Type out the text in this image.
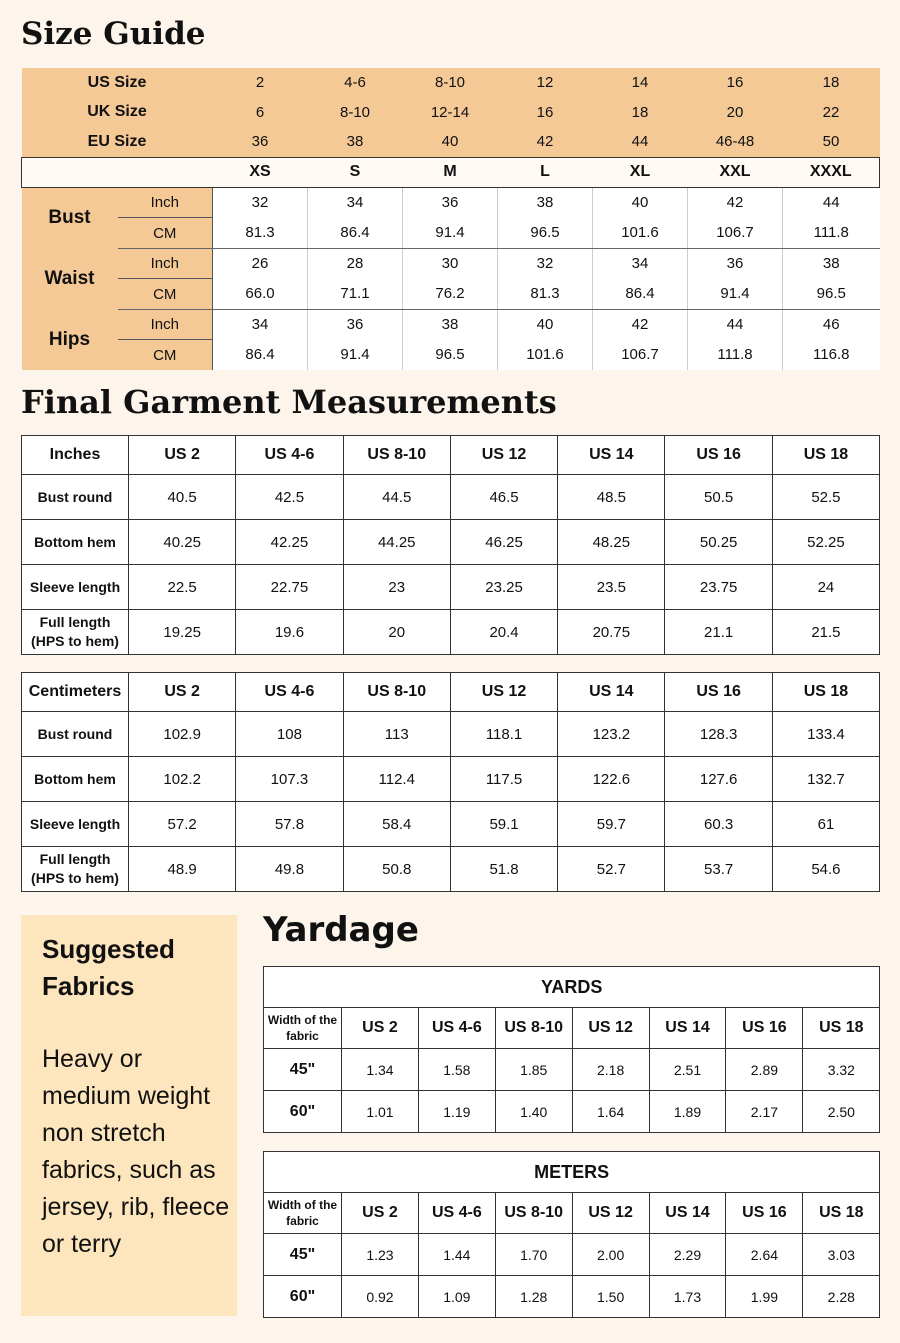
Size Guide
US Size		2	4-6	8-10	12	14	16	18
UK Size		6	8-10	12-14	16	18	20	22
EU Size		36	38	40	42	44	46-48	50
		XS	S	M	L	XL	XXL	XXXL
Bust	Inch	32	34	36	38	40	42	44
	CM	81.3	86.4	91.4	96.5	101.6	106.7	111.8
Waist	Inch	26	28	30	32	34	36	38
	CM	66.0	71.1	76.2	81.3	86.4	91.4	96.5
Hips	Inch	34	36	38	40	42	44	46
	CM	86.4	91.4	96.5	101.6	106.7	111.8	116.8
Final Garment Measurements
Inches	US 2	US 4-6	US 8-10	US 12	US 14	US 16	US 18
Bust round	40.5	42.5	44.5	46.5	48.5	50.5	52.5
Bottom hem	40.25	42.25	44.25	46.25	48.25	50.25	52.25
Sleeve length	22.5	22.75	23	23.25	23.5	23.75	24
Full length
(HPS to hem)	19.25	19.6	20	20.4	20.75	21.1	21.5
Centimeters	US 2	US 4-6	US 8-10	US 12	US 14	US 16	US 18
Bust round	102.9	108	113	118.1	123.2	128.3	133.4
Bottom hem	102.2	107.3	112.4	117.5	122.6	127.6	132.7
Sleeve length	57.2	57.8	58.4	59.1	59.7	60.3	61
Full length
(HPS to hem)	48.9	49.8	50.8	51.8	52.7	53.7	54.6

Suggested
Fabrics

Heavy or medium weight non stretch fabrics, such as jersey, rib, fleece or terry

Yardage
YARDS							
Width of the
fabric	US 2	US 4-6	US 8-10	US 12	US 14	US 16	US 18
45"	1.34	1.58	1.85	2.18	2.51	2.89	3.32
60"	1.01	1.19	1.40	1.64	1.89	2.17	2.50
METERS							
Width of the
fabric	US 2	US 4-6	US 8-10	US 12	US 14	US 16	US 18
45"	1.23	1.44	1.70	2.00	2.29	2.64	3.03
60"	0.92	1.09	1.28	1.50	1.73	1.99	2.28
